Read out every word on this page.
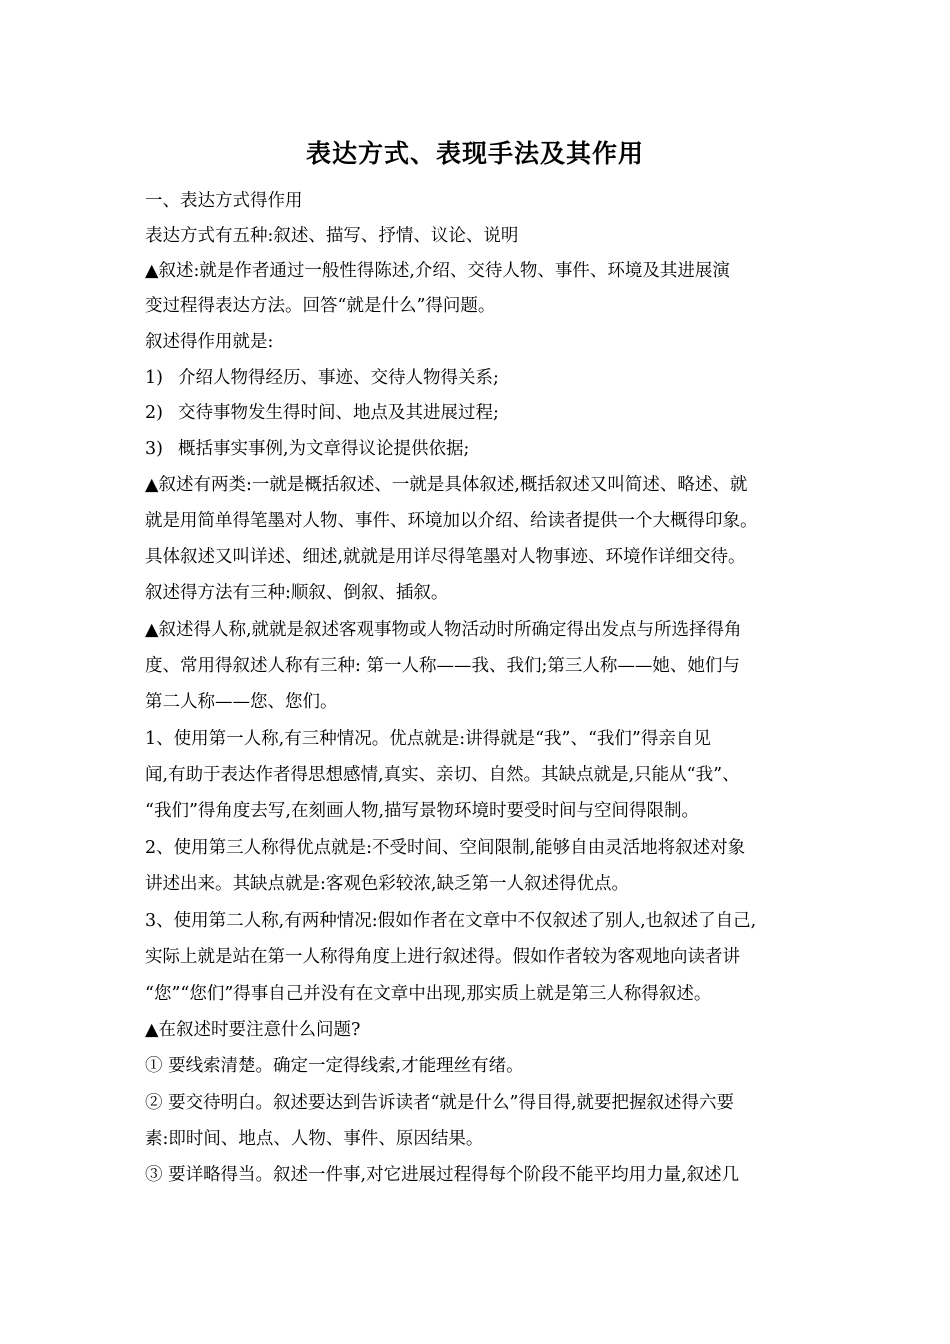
表达方式、表现手法及其作用
一、表达方式得作用
表达方式有五种:叙述、描写、抒情、议论、说明
▲叙述:就是作者通过一般性得陈述,介绍、交待人物、事件、环境及其进展演
变过程得表达方法。回答“就是什么”得问题。
叙述得作用就是:
1) 介绍人物得经历、事迹、交待人物得关系;
2) 交待事物发生得时间、地点及其进展过程;
3) 概括事实事例,为文章得议论提供依据;
▲叙述有两类:一就是概括叙述、一就是具体叙述,概括叙述又叫简述、略述、就
就是用简单得笔墨对人物、事件、环境加以介绍、给读者提供一个大概得印象。
具体叙述又叫详述、细述,就就是用详尽得笔墨对人物事迹、环境作详细交待。
叙述得方法有三种:顺叙、倒叙、插叙。
▲叙述得人称,就就是叙述客观事物或人物活动时所确定得出发点与所选择得角
度、常用得叙述人称有三种: 第一人称——我、我们;第三人称——她、她们与
第二人称——您、您们。
1、使用第一人称,有三种情况。优点就是:讲得就是“我”、“我们”得亲自见
闻,有助于表达作者得思想感情,真实、亲切、自然。其缺点就是,只能从“我”、
“我们”得角度去写,在刻画人物,描写景物环境时要受时间与空间得限制。
2、使用第三人称得优点就是:不受时间、空间限制,能够自由灵活地将叙述对象
讲述出来。其缺点就是:客观色彩较浓,缺乏第一人叙述得优点。
3、使用第二人称,有两种情况:假如作者在文章中不仅叙述了别人,也叙述了自己,
实际上就是站在第一人称得角度上进行叙述得。假如作者较为客观地向读者讲
“您”“您们”得事自己并没有在文章中出现,那实质上就是第三人称得叙述。
▲在叙述时要注意什么问题?
① 要线索清楚。确定一定得线索,才能理丝有绪。
② 要交待明白。叙述要达到告诉读者“就是什么”得目得,就要把握叙述得六要
素:即时间、地点、人物、事件、原因结果。
③ 要详略得当。叙述一件事,对它进展过程得每个阶段不能平均用力量,叙述几
